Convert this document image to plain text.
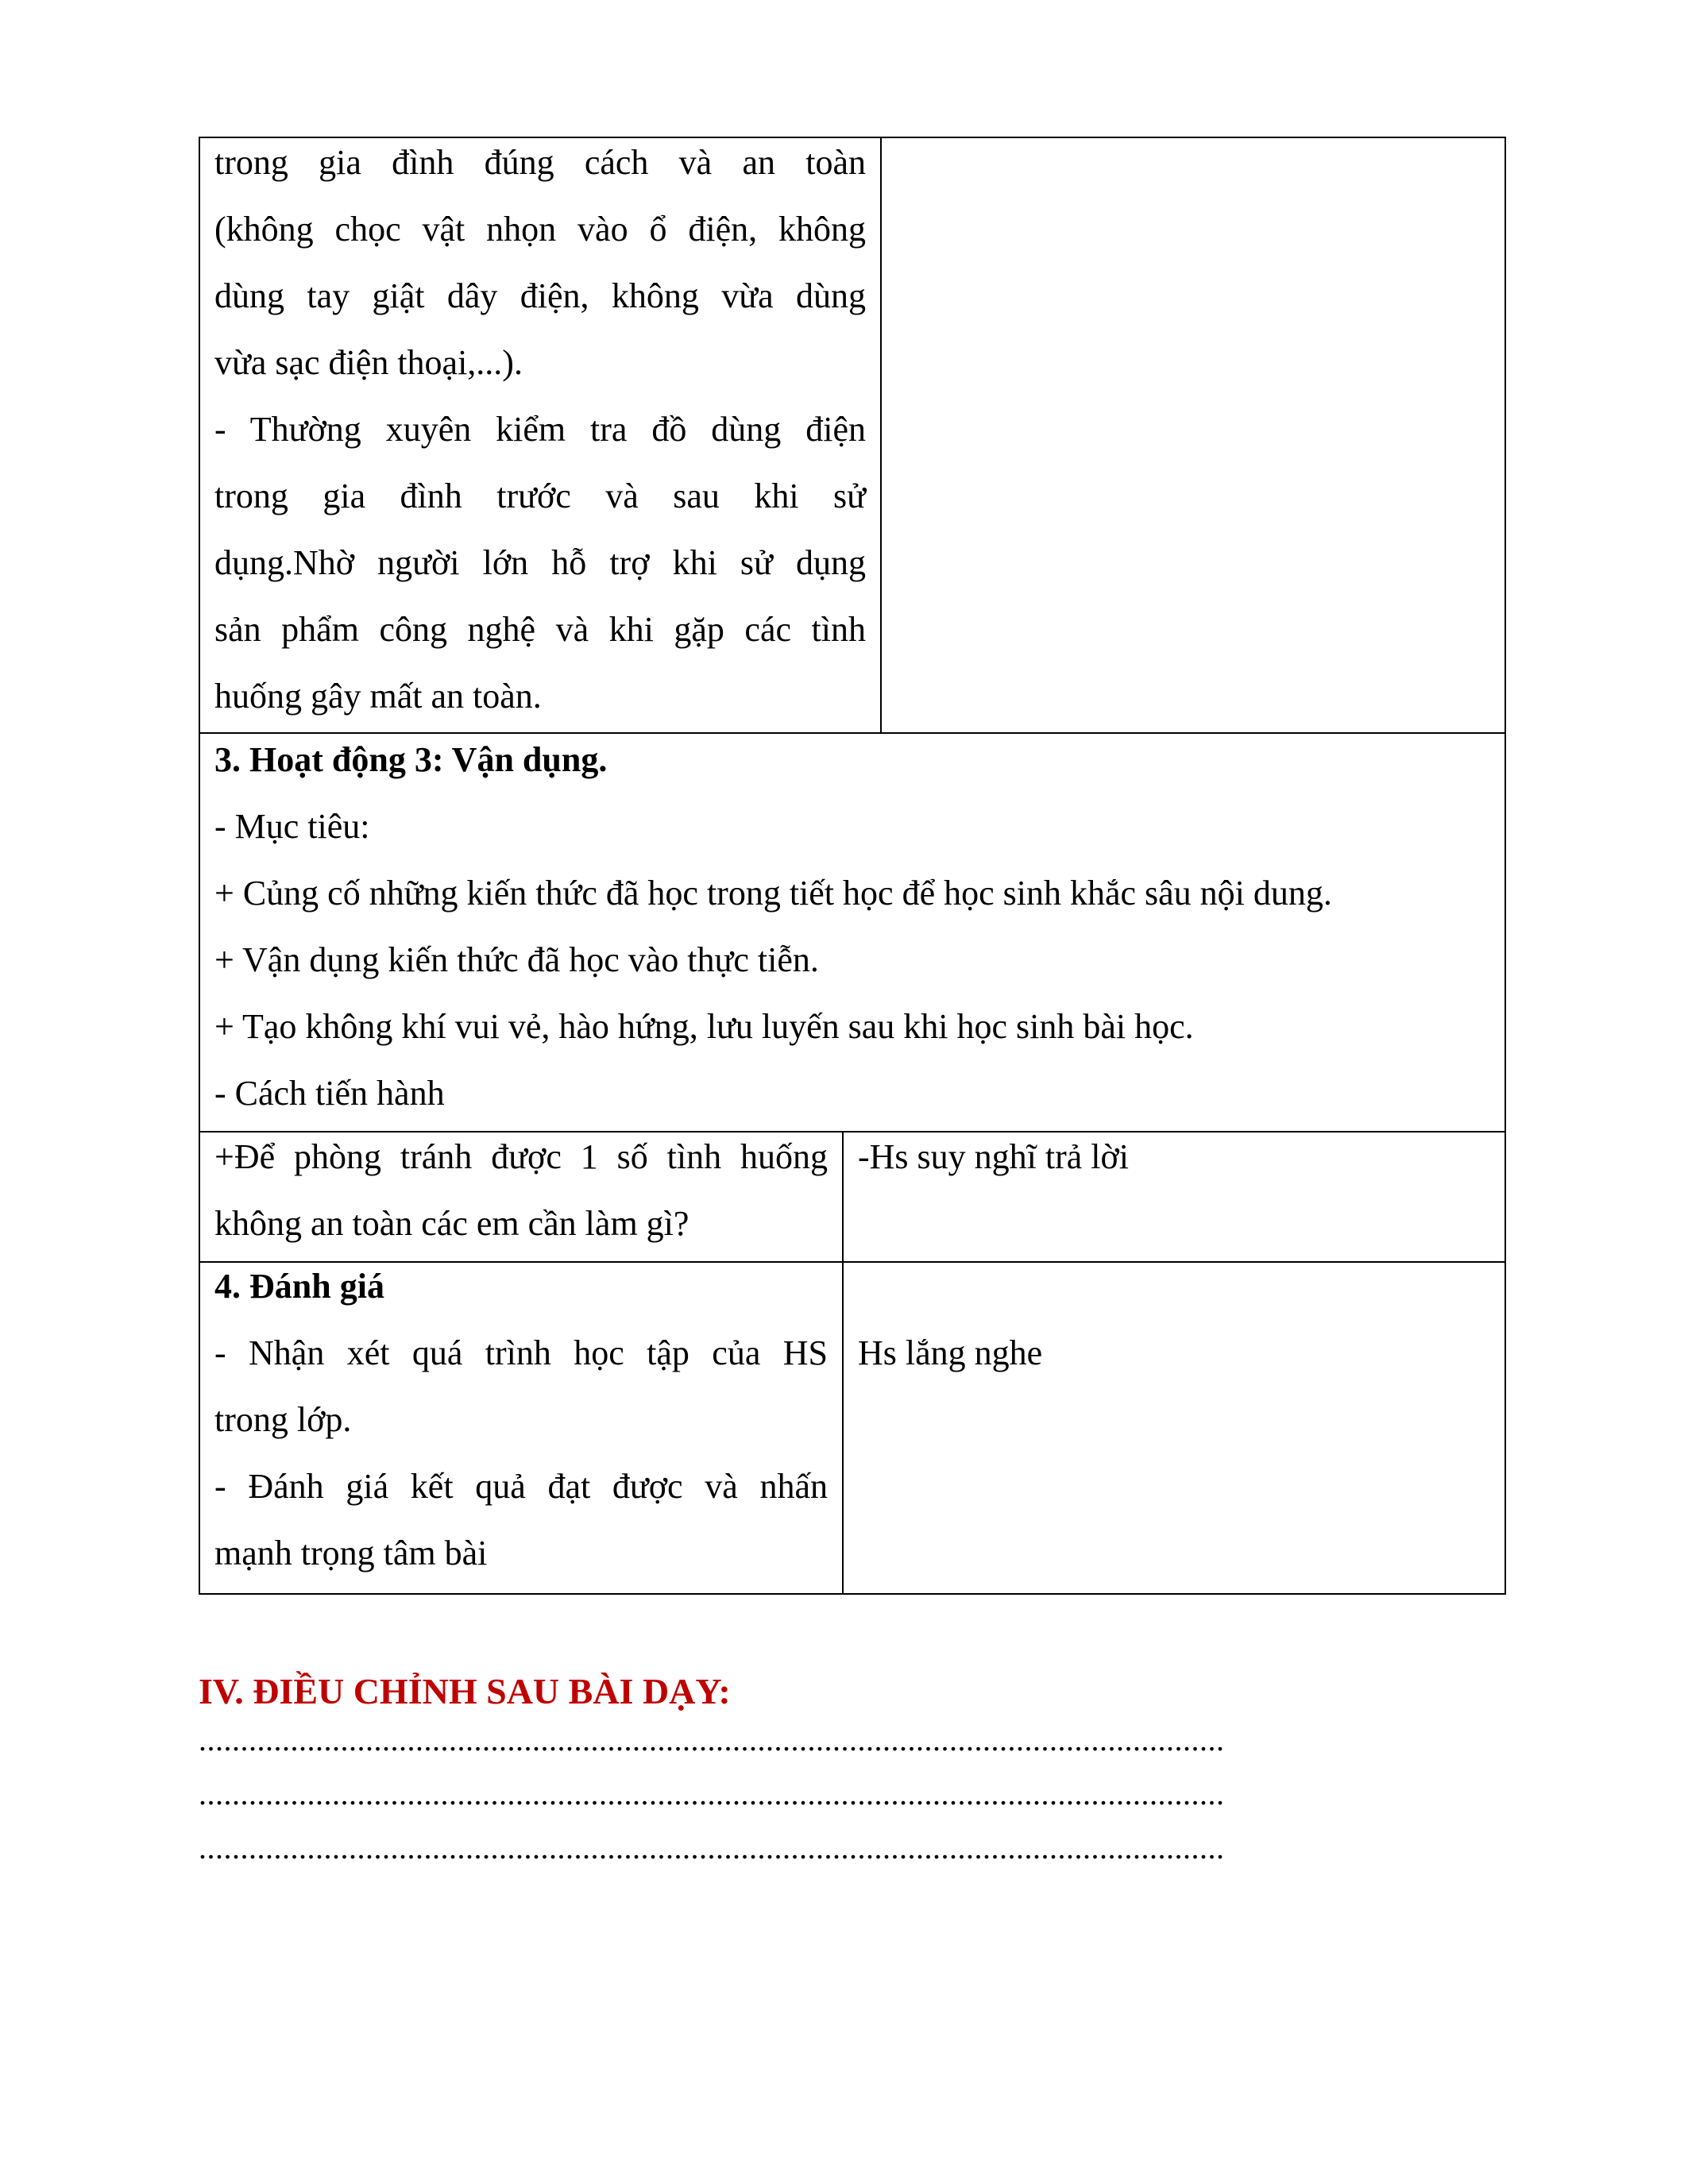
trong gia đình đúng cách và an toàn
(không chọc vật nhọn vào ổ điện, không
dùng tay giật dây điện, không vừa dùng

vừa sạc điện thoại,...).

- Thường xuyên kiểm tra đồ dùng điện
trong gia đình trước và sau khi sử
dụng.Nhờ người lớn hỗ trợ khi sử dụng
sản phẩm công nghệ và khi gặp các tình

huống gây mất an toàn.

3. Hoạt động 3: Vận dụng.
- Mục tiêu:
+ Củng cố những kiến thức đã học trong tiết học để học sinh khắc sâu nội dung.
+ Vận dụng kiến thức đã học vào thực tiễn.
+ Tạo không khí vui vẻ, hào hứng, lưu luyến sau khi học sinh bài học.
- Cách tiến hành

+Để phòng tránh được 1 số tình huống

không an toàn các em cần làm gì?

-Hs suy nghĩ trả lời
4. Đánh giá

- Nhận xét quá trình học tập của HS

trong lớp.

- Đánh giá kết quả đạt được và nhấn

mạnh trọng tâm bài

Hs lắng nghe
IV. ĐIỀU CHỈNH SAU BÀI DẠY:
...........................................................................................................................
...........................................................................................................................
...........................................................................................................................
